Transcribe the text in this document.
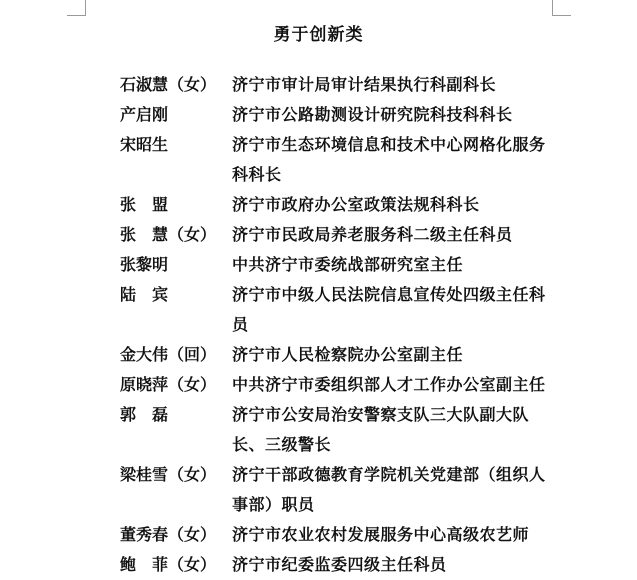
勇于创新类
石淑慧（女） 济宁市审计局审计结果执行科副科长
产启刚	济宁市公路勘测设计研究院科技科科长
宋昭生	济宁市生态环境信息和技术中心网格化服务科科长
张　盟	济宁市政府办公室政策法规科科长
张　慧（女） 济宁市民政局养老服务科二级主任科员
张黎明	中共济宁市委统战部研究室主任
陆　宾	济宁市中级人民法院信息宣传处四级主任科员
金大伟（回） 济宁市人民检察院办公室副主任
原晓萍（女） 中共济宁市委组织部人才工作办公室副主任
郭　磊	济宁市公安局治安警察支队三大队副大队长、三级警长
梁桂雪（女） 济宁干部政德教育学院机关党建部（组织人事部）职员
董秀春（女） 济宁市农业农村发展服务中心高级农艺师
鲍　菲（女） 济宁市纪委监委四级主任科员
